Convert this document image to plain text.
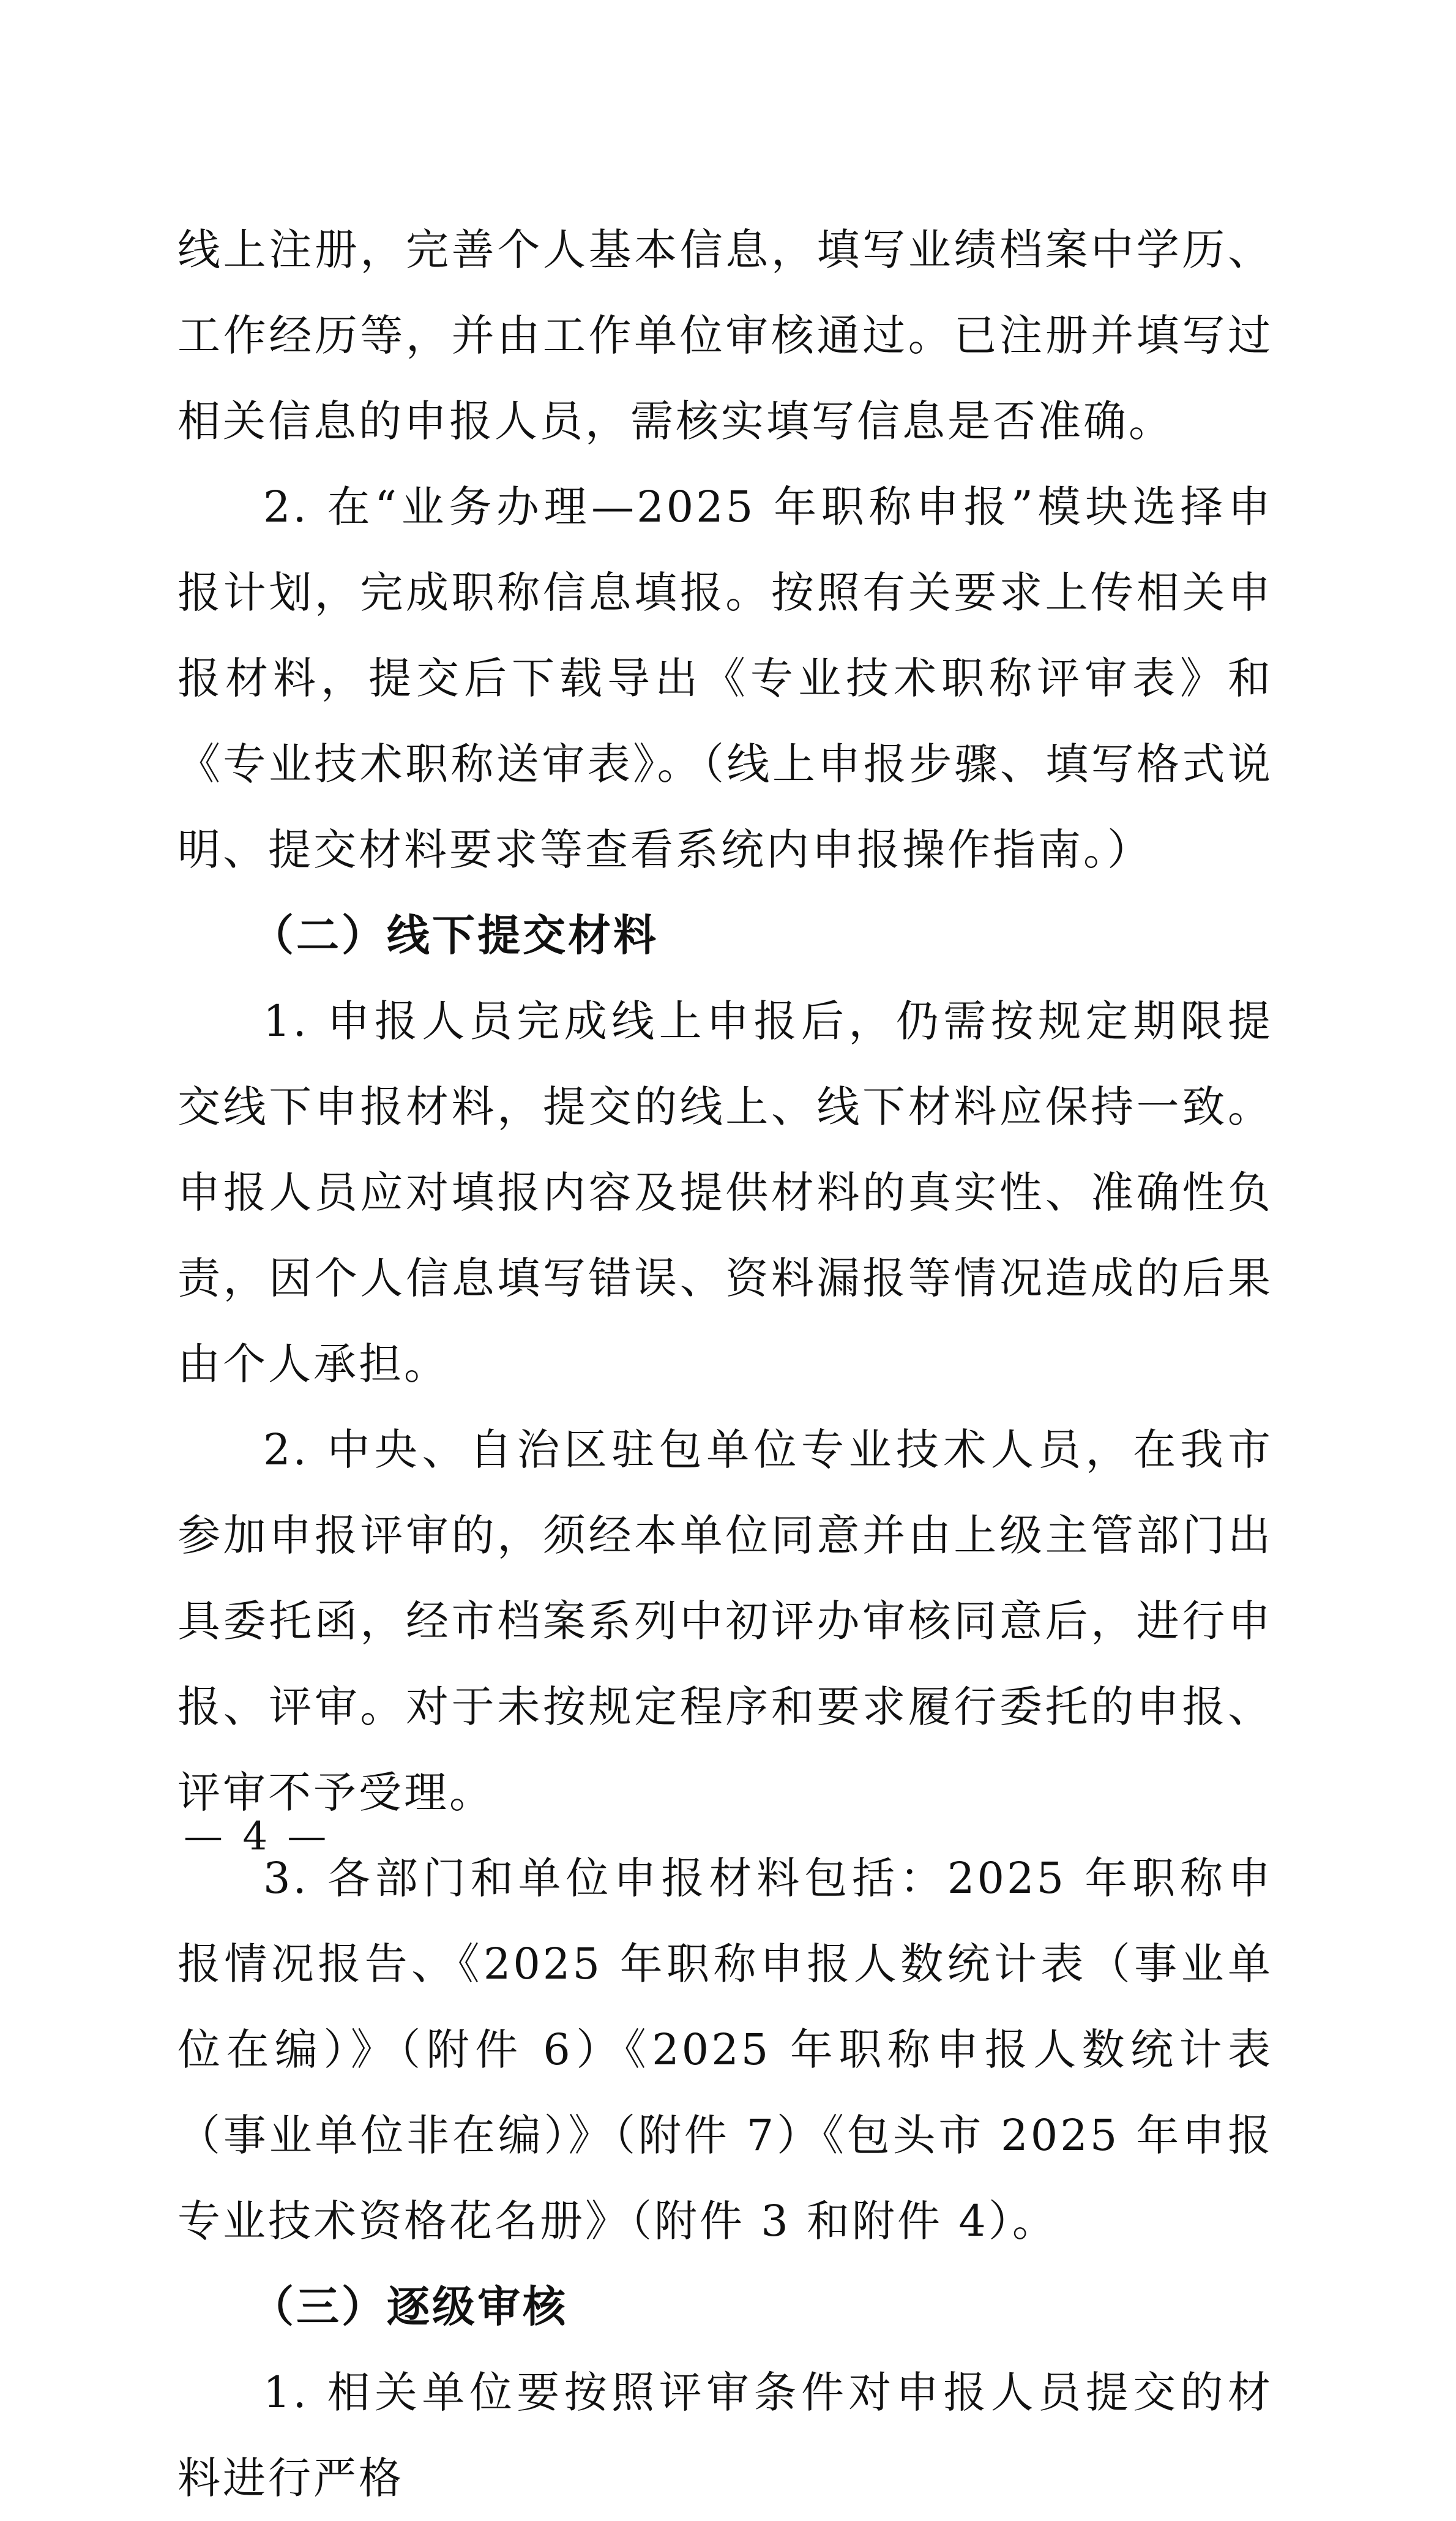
线上注册，完善个人基本信息，填写业绩档案中学历、工作经历等，并由工作单位审核通过。已注册并填写过相关信息的申报人员，需核实填写信息是否准确。

2. 在“业务办理—2025 年职称申报”模块选择申报计划，完成职称信息填报。按照有关要求上传相关申报材料，提交后下载导出《专业技术职称评审表》和《专业技术职称送审表》。（线上申报步骤、填写格式说明、提交材料要求等查看系统内申报操作指南。）

（二）线下提交材料

1. 申报人员完成线上申报后，仍需按规定期限提交线下申报材料，提交的线上、线下材料应保持一致。申报人员应对填报内容及提供材料的真实性、准确性负责，因个人信息填写错误、资料漏报等情况造成的后果由个人承担。

2. 中央、自治区驻包单位专业技术人员，在我市参加申报评审的，须经本单位同意并由上级主管部门出具委托函，经市档案系列中初评办审核同意后，进行申报、评审。对于未按规定程序和要求履行委托的申报、评审不予受理。

3. 各部门和单位申报材料包括：2025 年职称申报情况报告、《2025 年职称申报人数统计表（事业单位在编）》（附件 6）《2025 年职称申报人数统计表（事业单位非在编）》（附件 7）《包头市 2025 年申报专业技术资格花名册》（附件 3 和附件 4）。

（三）逐级审核

1. 相关单位要按照评审条件对申报人员提交的材料进行严格

— 4 —
